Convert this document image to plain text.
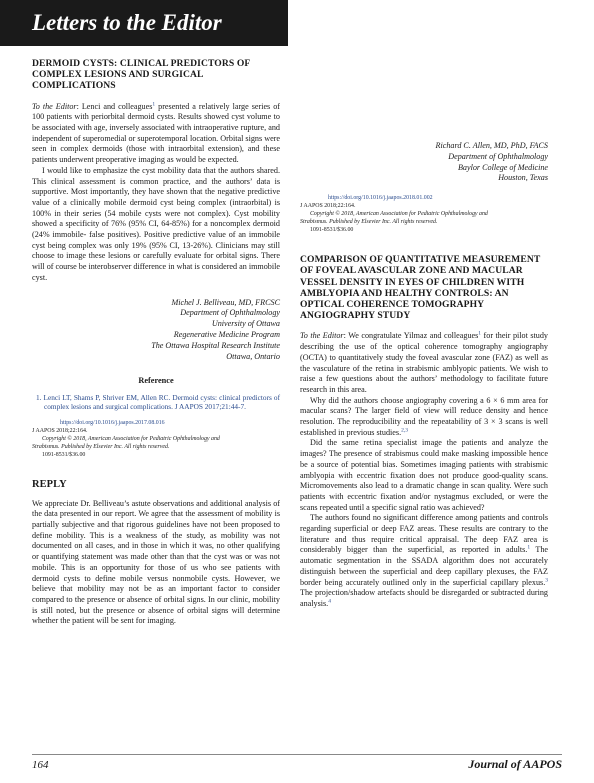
Letters to the Editor
DERMOID CYSTS: CLINICAL PREDICTORS OF COMPLEX LESIONS AND SURGICAL COMPLICATIONS

To the Editor: Lenci and colleagues$^1$ presented a relatively large series of 100 patients with periorbital dermoid cysts. Results showed cyst volume to be associated with age, inversely associated with intraoperative rupture, and independent of superomedial or superotemporal location. Orbital signs were seen in complex dermoids (those with intraorbital extension), and these patients underwent preoperative imaging as would be expected.

I would like to emphasize the cyst mobility data that the authors shared. This clinical assessment is common practice, and the authors’ data is supportive. Most importantly, they have shown that the negative predictive value of a clinically mobile dermoid cyst being complex (intraorbital) is 100% in their series (54 mobile cysts were not complex). Cyst mobility showed a specificity of 76% (95% CI, 64-85%) for a noncomplex dermoid (24% immobile- false positives). Positive predictive value of an immobile cyst being complex was only 19% (95% CI, 13-26%). Clinicians may still choose to image these lesions or carefully evaluate for orbital signs. There will of course be interobserver difference in what is considered an immobile cyst.

Michel J. Belliveau, MD, FRCSC
Department of Ophthalmology
University of Ottawa
Regenerative Medicine Program
The Ottawa Hospital Research Institute
Ottawa, Ontario
Reference

1. Lenci LT, Shams P, Shriver EM, Allen RC. Dermoid cysts: clinical predictors of complex lesions and surgical complications. J AAPOS 2017;21:44-7.

https://doi.org/10.1016/j.jaapos.2017.08.016
J AAPOS 2018;22:164.
Copyright © 2018, American Association for Pediatric Ophthalmology and
Strabismus. Published by Elsevier Inc. All rights reserved.
1091-8531/$36.00
REPLY

We appreciate Dr. Belliveau’s astute observations and additional analysis of the data presented in our report. We agree that the assessment of mobility is partially subjective and that rigorous guidelines have not been proposed to define mobility. This is a weakness of the study, as mobility was not documented on all cases, and in those in which it was, no other qualifying or quantifying statement was made other than that the cyst was or was not mobile. This is an opportunity for those of us who see patients with dermoid cysts to define mobile versus nonmobile cysts. However, we believe that mobility may not be as an important factor to consider compared to the presence or absence of orbital signs. In our clinic, mobility is still noted, but the presence or absence of orbital signs will determine whether the patient will be sent for imaging.

Richard C. Allen, MD, PhD, FACS
Department of Ophthalmology
Baylor College of Medicine
Houston, Texas
https://doi.org/10.1016/j.jaapos.2018.01.002
J AAPOS 2018;22:164.
Copyright © 2018, American Association for Pediatric Ophthalmology and
Strabismus. Published by Elsevier Inc. All rights reserved.
1091-8531/$36.00
COMPARISON OF QUANTITATIVE MEASUREMENT OF FOVEAL AVASCULAR ZONE AND MACULAR VESSEL DENSITY IN EYES OF CHILDREN WITH AMBLYOPIA AND HEALTHY CONTROLS: AN OPTICAL COHERENCE TOMOGRAPHY ANGIOGRAPHY STUDY

To the Editor: We congratulate Yilmaz and colleagues$^1$ for their pilot study describing the use of the optical coherence tomography angiography (OCTA) to quantitatively study the foveal avascular zone (FAZ) as well as the vasculature of the retina in strabismic amblyopic patients. We wish to raise a few questions about the authors’ methodology to facilitate future research in this area.

Why did the authors choose angiography covering a 6 × 6 mm area for macular scans? The larger field of view will reduce density and hence resolution. The reproducibility and the repeatability of 3 × 3 scans is well established in previous studies.$^{2,3}$

Did the same retina specialist image the patients and analyze the images? The presence of strabismus could make masking impossible hence be a source of potential bias. Sometimes imaging patients with strabismic amblyopia with eccentric fixation does not produce good-quality scans. Micromovements also lead to a dramatic change in scan quality. Were such patients with eccentric fixation and/or nystagmus excluded, or were the scans repeated until a specific signal ratio was achieved?

The authors found no significant difference among patients and controls regarding superficial or deep FAZ areas. These results are contrary to the literature and thus require critical appraisal. The deep FAZ area is considerably bigger than the superficial, as reported in adults.$^1$ The automatic segmentation in the SSADA algorithm does not accurately distinguish between the superficial and deep capillary plexuses, the FAZ border being accurately outlined only in the superficial capillary plexus.$^3$ The projection/shadow artefacts should be disregarded or subtracted during analysis.$^4$

164	Journal of AAPOS
